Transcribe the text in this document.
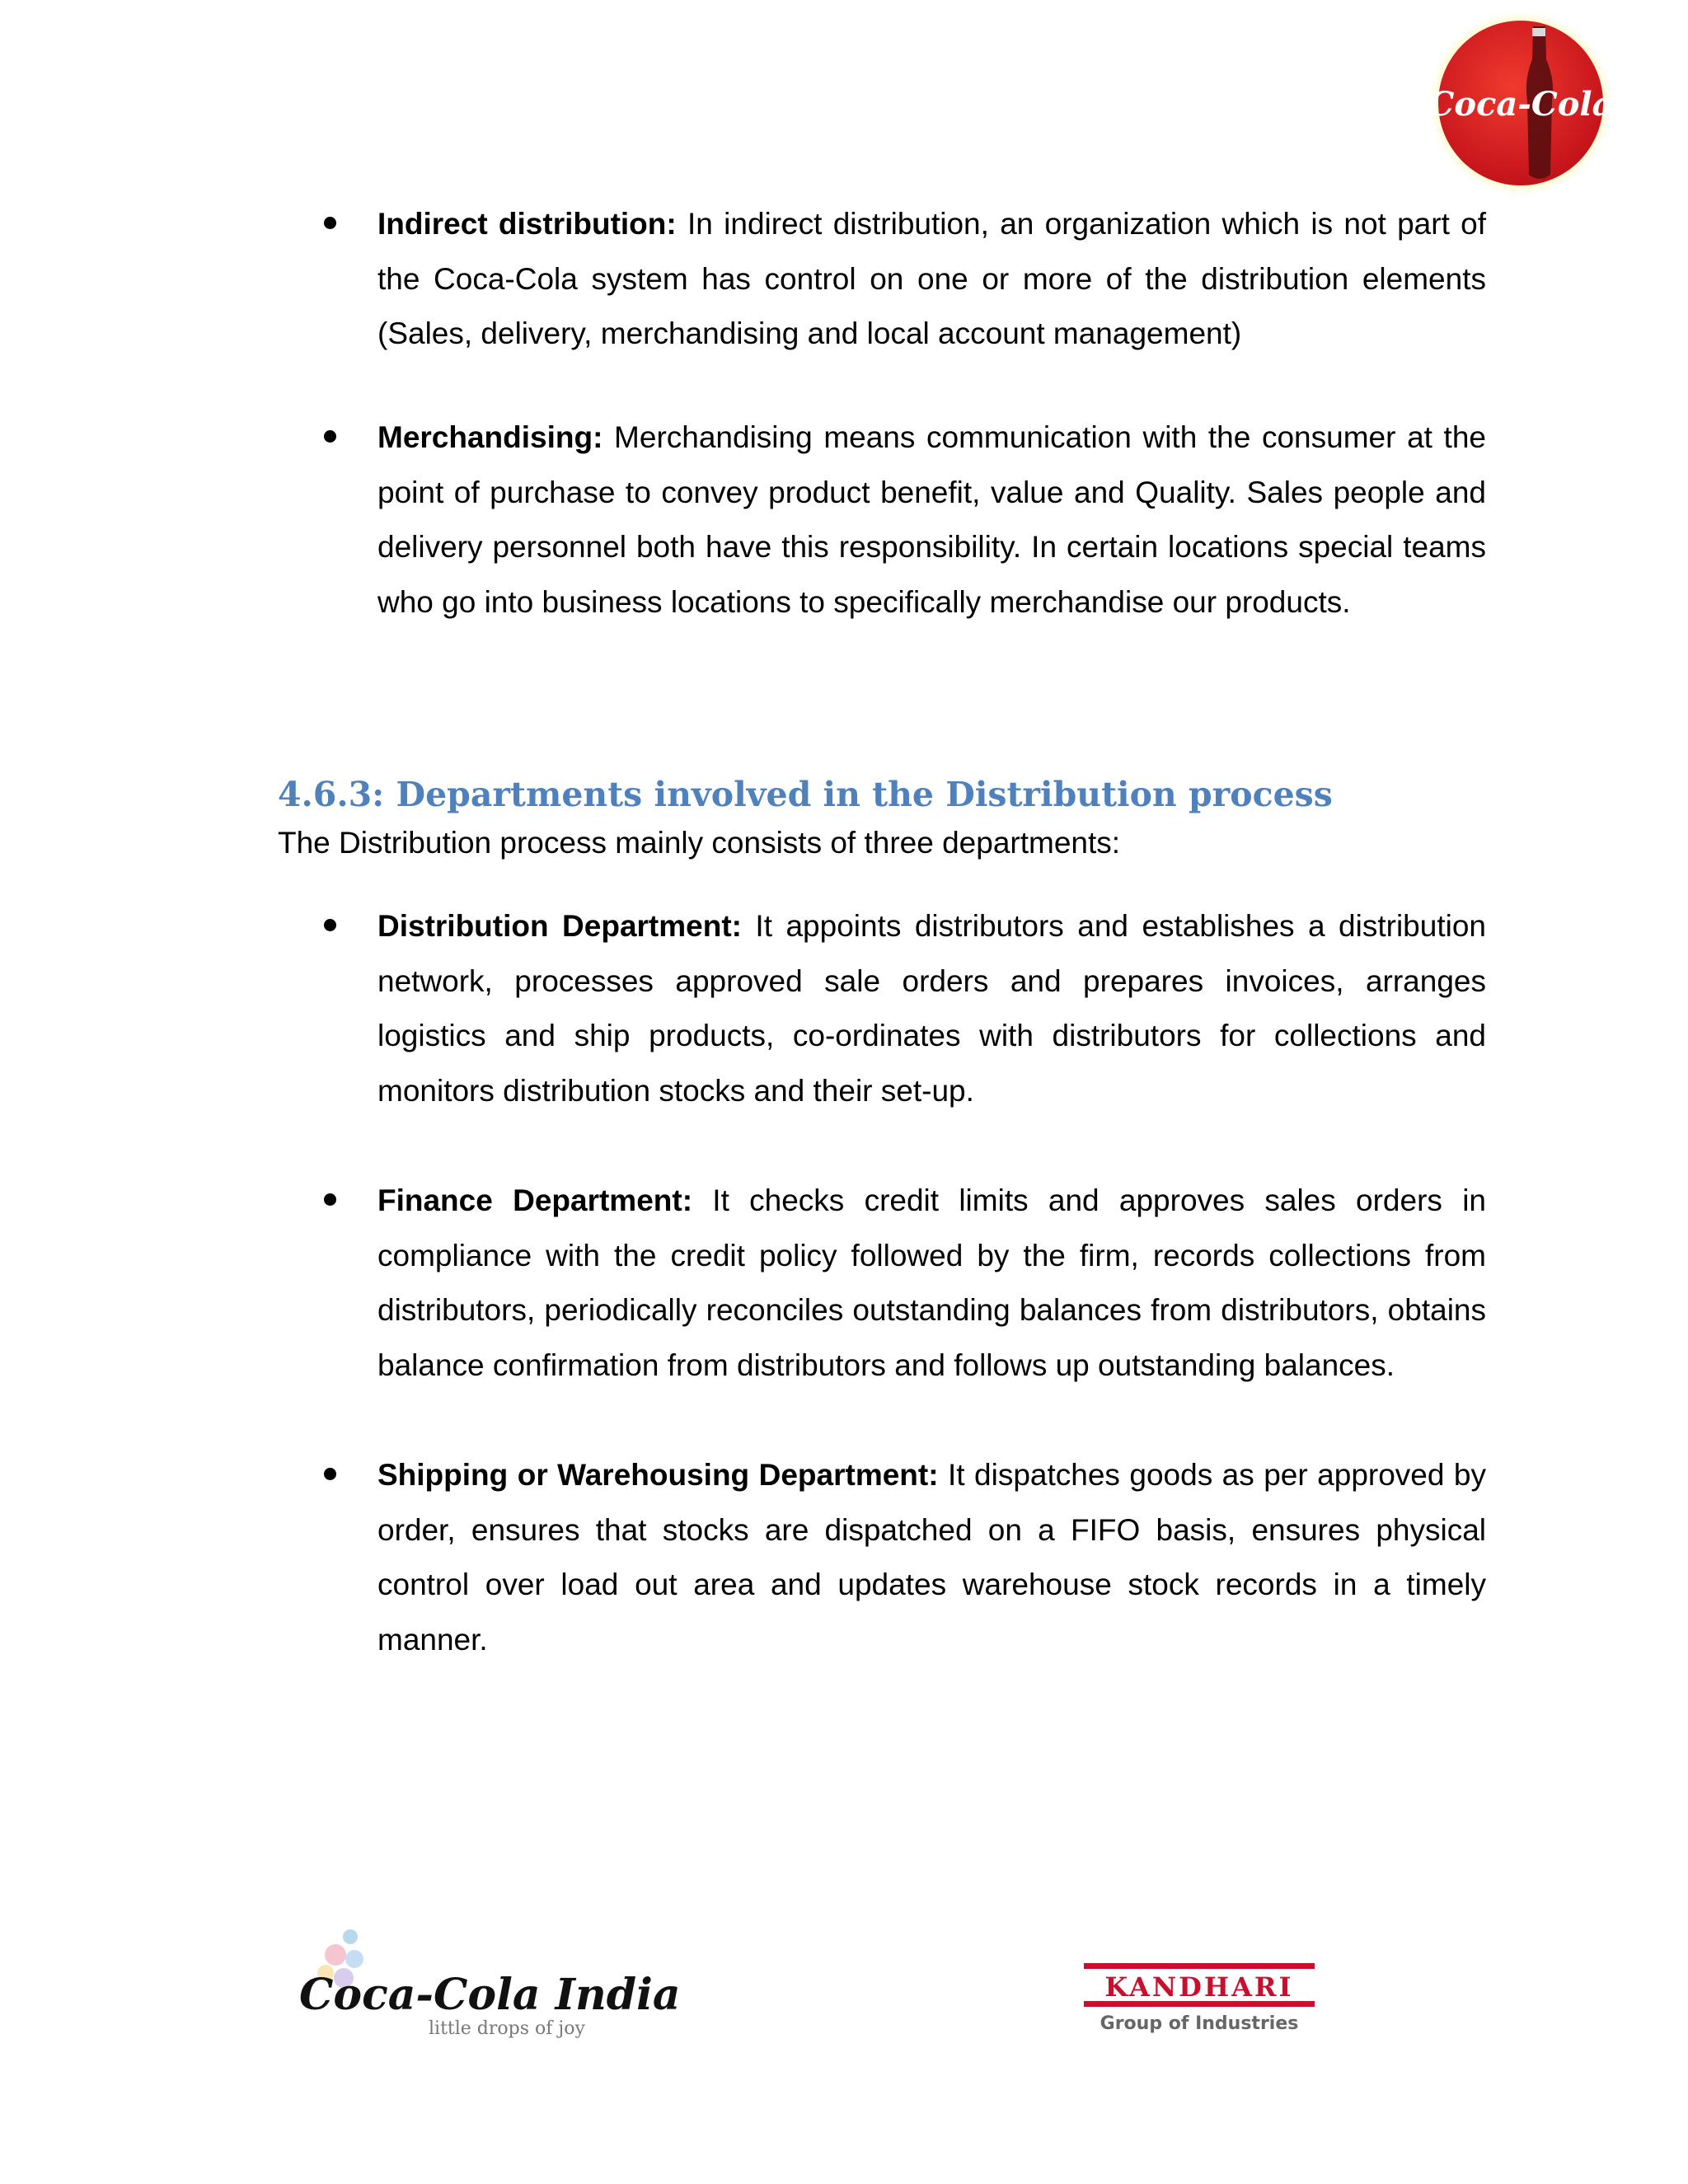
Coca-Cola
Indirect distribution: In indirect distribution, an organization which is not part of the Coca-Cola system has control on one or more of the distribution elements (Sales, delivery, merchandising and local account management)
Merchandising: Merchandising means communication with the consumer at the point of purchase to convey product benefit, value and Quality. Sales people and delivery personnel both have this responsibility. In certain locations special teams who go into business locations to specifically merchandise our products.
4.6.3: Departments involved in the Distribution process
The Distribution process mainly consists of three departments:
Distribution Department: It appoints distributors and establishes a distribution network, processes approved sale orders and prepares invoices, arranges logistics and ship products, co-ordinates with distributors for collections and monitors distribution stocks and their set-up.
Finance Department: It checks credit limits and approves sales orders in compliance with the credit policy followed by the firm, records collections from distributors, periodically reconciles outstanding balances from distributors, obtains balance confirmation from distributors and follows up outstanding balances.
Shipping or Warehousing Department: It dispatches goods as per approved by order, ensures that stocks are dispatched on a FIFO basis, ensures physical control over load out area and updates warehouse stock records in a timely manner.
Coca-Cola India
little drops of joy
KANDHARI
Group of Industries
